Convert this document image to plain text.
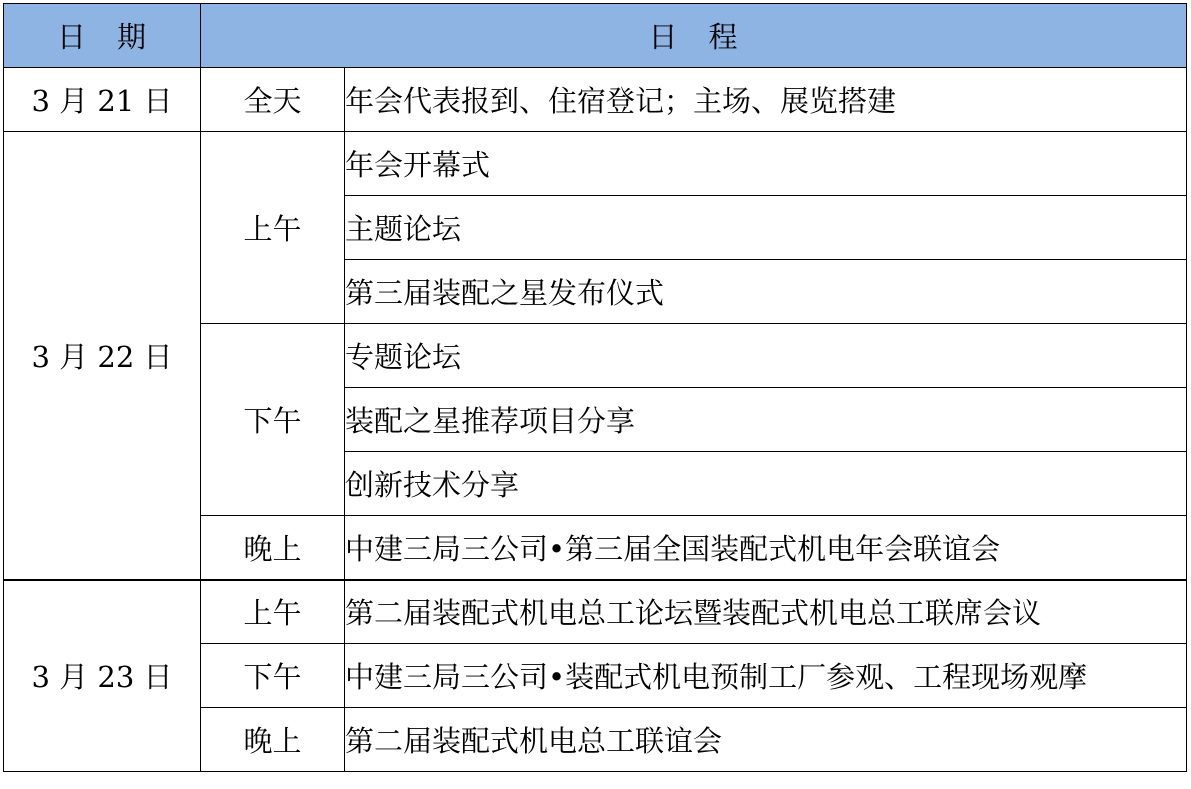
日　期	日　程	
3 月 21 日	全天	年会代表报到、住宿登记；主场、展览搭建
3 月 22 日	上午	年会开幕式
		主题论坛
		第三届装配之星发布仪式
	下午	专题论坛
		装配之星推荐项目分享
		创新技术分享
	晚上	中建三局三公司•第三届全国装配式机电年会联谊会
3 月 23 日	上午	第二届装配式机电总工论坛暨装配式机电总工联席会议
	下午	中建三局三公司•装配式机电预制工厂参观、工程现场观摩
	晚上	第二届装配式机电总工联谊会
